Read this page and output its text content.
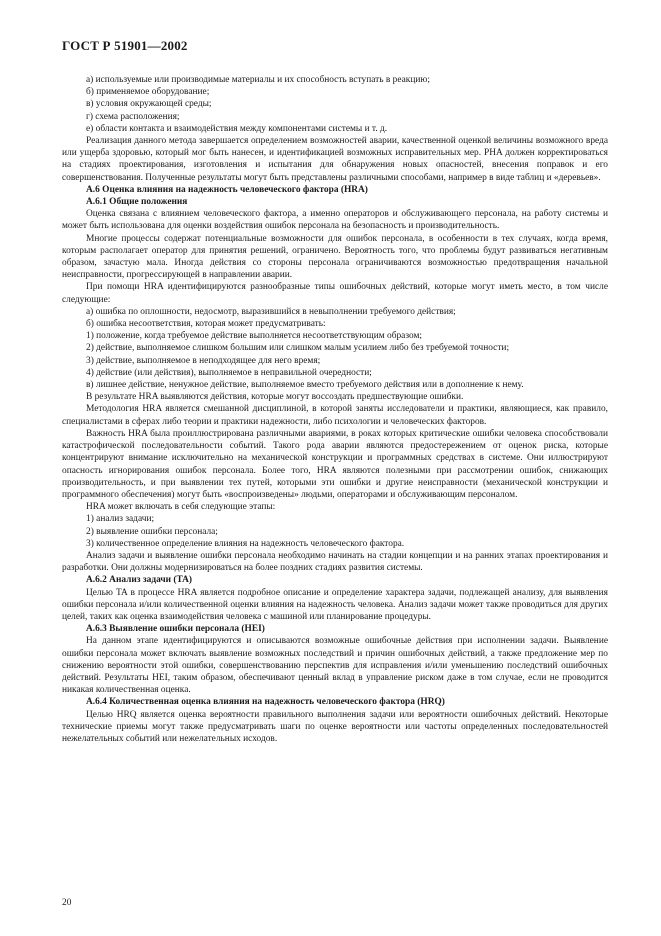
ГОСТ Р 51901—2002

а) используемые или производимые материалы и их способность вступать в реакцию;

б) применяемое оборудование;

в) условия окружающей среды;

г) схема расположения;

е) области контакта и взаимодействия между компонентами системы и т. д.

Реализация данного метода завершается определением возможностей аварии, качественной оценкой величины возможного вреда или ущерба здоровью, который мог быть нанесен, и идентификацией возможных исправительных мер. PHA должен корректироваться на стадиях проектирования, изготовления и испытания для обнаружения новых опасностей, внесения поправок и его совершенствования. Полученные результаты могут быть представлены различными способами, например в виде таблиц и «деревьев».

А.6 Оценка влияния на надежность человеческого фактора (HRA)

А.6.1 Общие положения

Оценка связана с влиянием человеческого фактора, а именно операторов и обслуживающего персонала, на работу системы и может быть использована для оценки воздействия ошибок персонала на безопасность и производительность.

Многие процессы содержат потенциальные возможности для ошибок персонала, в особенности в тех случаях, когда время, которым располагает оператор для принятия решений, ограничено. Вероятность того, что проблемы будут развиваться негативным образом, зачастую мала. Иногда действия со стороны персонала ограничиваются возможностью предотвращения начальной неисправности, прогрессирующей в направлении аварии.

При помощи HRA идентифицируются разнообразные типы ошибочных действий, которые могут иметь место, в том числе следующие:

а) ошибка по оплошности, недосмотр, выразившийся в невыполнении требуемого действия;

б) ошибка несоответствия, которая может предусматривать:

1) положение, когда требуемое действие выполняется несоответствующим образом;

2) действие, выполняемое слишком большим или слишком малым усилием либо без требуемой точности;

3) действие, выполняемое в неподходящее для него время;

4) действие (или действия), выполняемое в неправильной очередности;

в) лишнее действие, ненужное действие, выполняемое вместо требуемого действия или в дополнение к нему.

В результате HRA выявляются действия, которые могут воссоздать предшествующие ошибки.

Методология HRA является смешанной дисциплиной, в которой заняты исследователи и практики, являющиеся, как правило, специалистами в сферах либо теории и практики надежности, либо психологии и человеческих факторов.

Важность HRA была проиллюстрирована различными авариями, в роках которых критические ошибки человека способствовали катастрофической последовательности событий. Такого рода аварии являются предостережением от оценок риска, которые концентрируют внимание исключительно на механической конструкции и программных средствах в системе. Они иллюстрируют опасность игнорирования ошибок персонала. Более того, HRA являются полезными при рассмотрении ошибок, снижающих производительность, и при выявлении тех путей, которыми эти ошибки и другие неисправности (механической конструкции и программного обеспечения) могут быть «воспроизведены» людьми, операторами и обслуживающим персоналом.

HRA может включать в себя следующие этапы:

1) анализ задачи;

2) выявление ошибки персонала;

3) количественное определение влияния на надежность человеческого фактора.

Анализ задачи и выявление ошибки персонала необходимо начинать на стадии концепции и на ранних этапах проектирования и разработки. Они должны модернизироваться на более поздних стадиях развития системы.

А.6.2 Анализ задачи (TA)

Целью TA в процессе HRA является подробное описание и определение характера задачи, подлежащей анализу, для выявления ошибки персонала и/или количественной оценки влияния на надежность человека. Анализ задачи может также проводиться для других целей, таких как оценка взаимодействия человека с машиной или планирование процедуры.

А.6.3 Выявление ошибки персонала (HEI)

На данном этапе идентифицируются и описываются возможные ошибочные действия при исполнении задачи. Выявление ошибки персонала может включать выявление возможных последствий и причин ошибочных действий, а также предложение мер по снижению вероятности этой ошибки, совершенствованию перспектив для исправления и/или уменьшению последствий ошибочных действий. Результаты HEI, таким образом, обеспечивают ценный вклад в управление риском даже в том случае, если не проводится никакая количественная оценка.

А.6.4 Количественная оценка влияния на надежность человеческого фактора (HRQ)

Целью HRQ является оценка вероятности правильного выполнения задачи или вероятности ошибочных действий. Некоторые технические приемы могут также предусматривать шаги по оценке вероятности или частоты определенных последовательностей нежелательных событий или нежелательных исходов.

20
